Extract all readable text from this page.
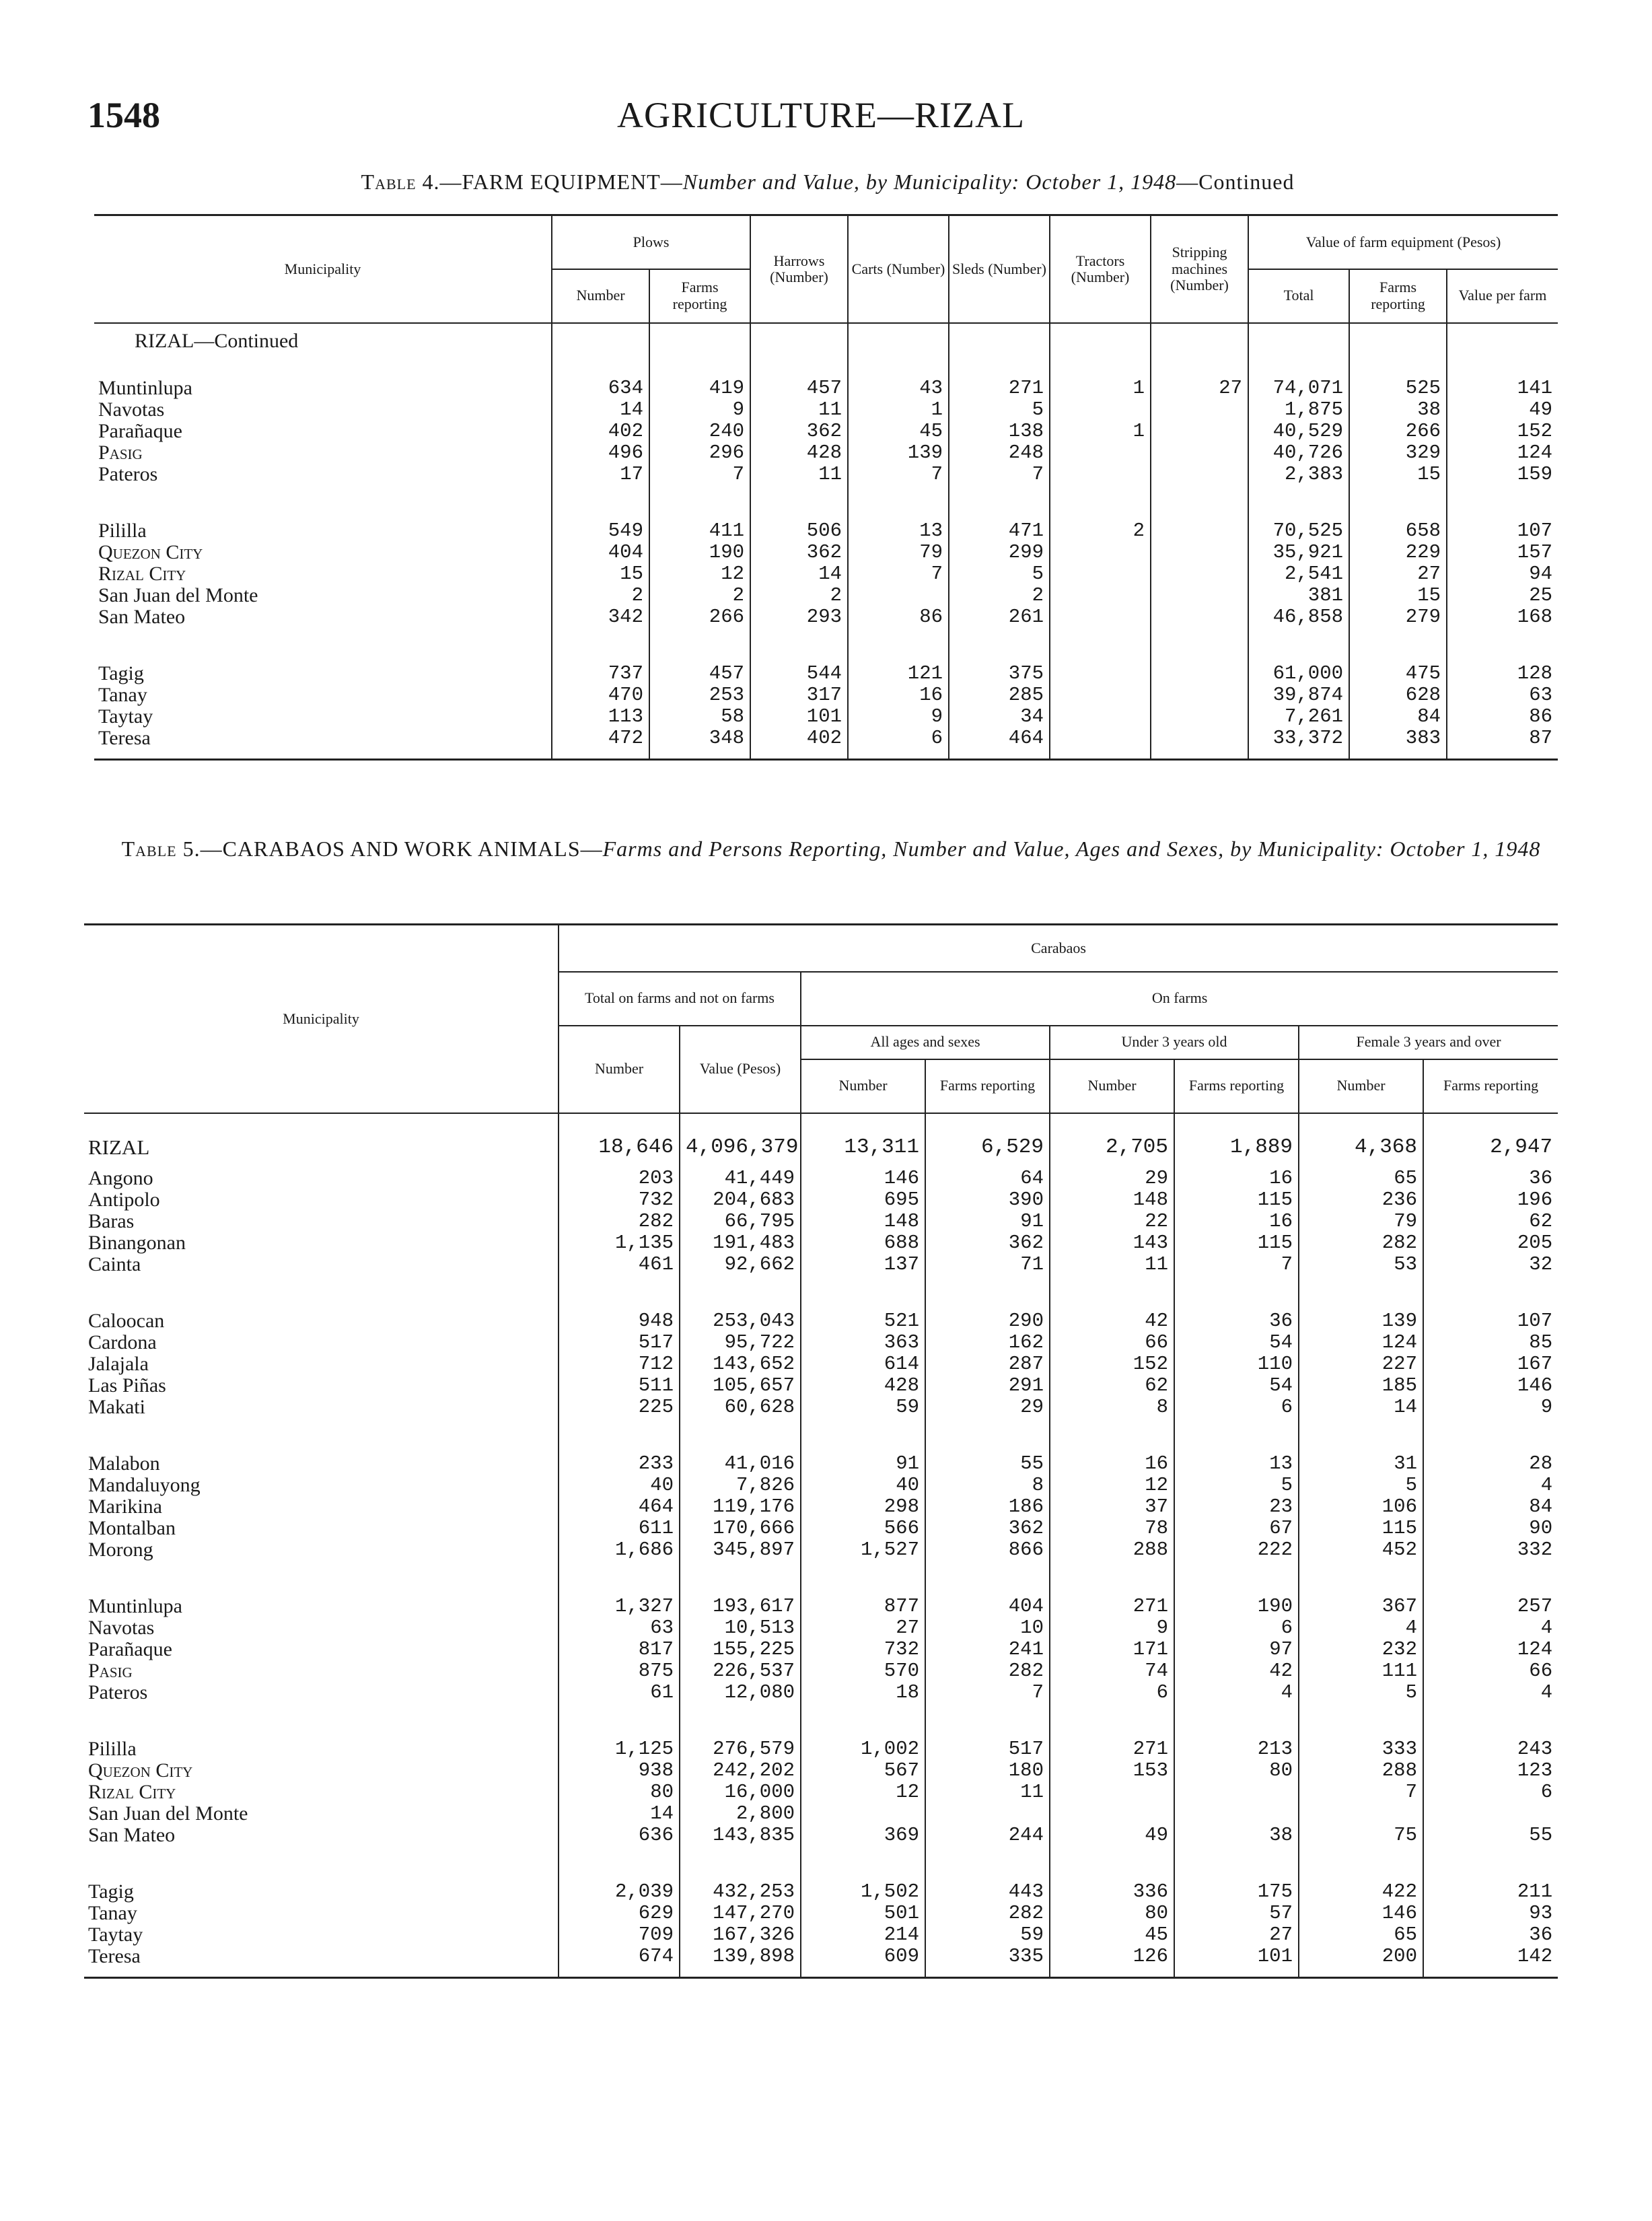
1548	AGRICULTURE—RIZAL
Table 4.—FARM EQUIPMENT—Number and Value, by Municipality: October 1, 1948—Continued
Municipality	Plows		Harrows (Number)	Carts (Number)	Sleds (Number)	Tractors (Number)	Stripping machines (Number)	Value of farm equipment (Pesos)		
	Number	Farms reporting						Total	Farms reporting	Value per farm
RIZAL—Continued										
Muntinlupa	634	419	457	43	271	1	27	74,071	525	141
Navotas	14	9	11	1	5			1,875	38	49
Parañaque	402	240	362	45	138	1		40,529	266	152
Pasig	496	296	428	139	248			40,726	329	124
Pateros	17	7	11	7	7			2,383	15	159

Pililla	549	411	506	13	471	2		70,525	658	107
Quezon City	404	190	362	79	299			35,921	229	157
Rizal City	15	12	14	7	5			2,541	27	94
San Juan del Monte	2	2	2		2			381	15	25
San Mateo	342	266	293	86	261			46,858	279	168

Tagig	737	457	544	121	375			61,000	475	128
Tanay	470	253	317	16	285			39,874	628	63
Taytay	113	58	101	9	34			7,261	84	86
Teresa	472	348	402	6	464			33,372	383	87
Table 5.—CARABAOS AND WORK ANIMALS—Farms and Persons Reporting, Number and Value, Ages and Sexes, by Municipality: October 1, 1948
Municipality	Carabaos							
	Total on farms and not on farms		On farms					
	Number	Value (Pesos)	All ages and sexes		Under 3 years old		Female 3 years and over	
			Number	Farms reporting	Number	Farms reporting	Number	Farms reporting
RIZAL	18,646	4,096,379	13,311	6,529	2,705	1,889	4,368	2,947
Angono	203	41,449	146	64	29	16	65	36
Antipolo	732	204,683	695	390	148	115	236	196
Baras	282	66,795	148	91	22	16	79	62
Binangonan	1,135	191,483	688	362	143	115	282	205
Cainta	461	92,662	137	71	11	7	53	32

Caloocan	948	253,043	521	290	42	36	139	107
Cardona	517	95,722	363	162	66	54	124	85
Jalajala	712	143,652	614	287	152	110	227	167
Las Piñas	511	105,657	428	291	62	54	185	146
Makati	225	60,628	59	29	8	6	14	9

Malabon	233	41,016	91	55	16	13	31	28
Mandaluyong	40	7,826	40	8	12	5	5	4
Marikina	464	119,176	298	186	37	23	106	84
Montalban	611	170,666	566	362	78	67	115	90
Morong	1,686	345,897	1,527	866	288	222	452	332

Muntinlupa	1,327	193,617	877	404	271	190	367	257
Navotas	63	10,513	27	10	9	6	4	4
Parañaque	817	155,225	732	241	171	97	232	124
Pasig	875	226,537	570	282	74	42	111	66
Pateros	61	12,080	18	7	6	4	5	4

Pililla	1,125	276,579	1,002	517	271	213	333	243
Quezon City	938	242,202	567	180	153	80	288	123
Rizal City	80	16,000	12	11			7	6
San Juan del Monte	14	2,800						
San Mateo	636	143,835	369	244	49	38	75	55

Tagig	2,039	432,253	1,502	443	336	175	422	211
Tanay	629	147,270	501	282	80	57	146	93
Taytay	709	167,326	214	59	45	27	65	36
Teresa	674	139,898	609	335	126	101	200	142
